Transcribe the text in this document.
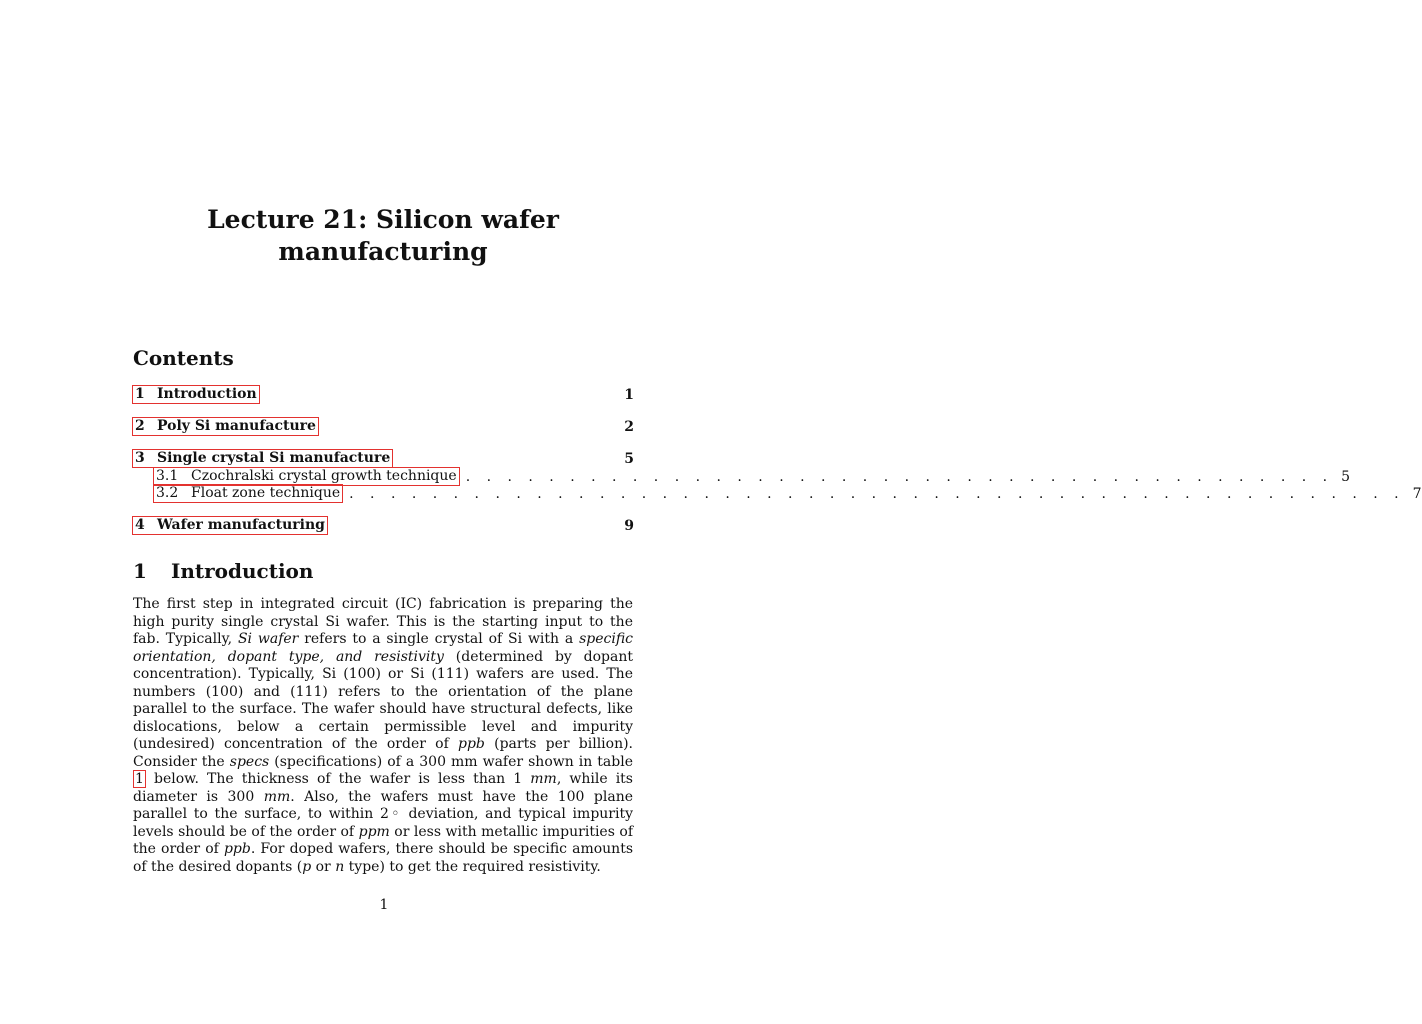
Lecture 21: Silicon wafer
manufacturing
Contents
1 Introduction	1
2 Poly Si manufacture	2
3 Single crystal Si manufacture	5
3.1 Czochralski crystal growth technique . . . . . . . . . . . . . . . . . . . . . . . . . . . . . . . . . . . . . . . . . . 5
3.2 Float zone technique . . . . . . . . . . . . . . . . . . . . . . . . . . . . . . . . . . . . . . . . . . . . . . . . . . . 7
4 Wafer manufacturing	9
1 Introduction

The first step in integrated circuit (IC) fabrication is preparing the high purity single crystal Si wafer. This is the starting input to the fab. Typically, Si wafer refers to a single crystal of Si with a specific orientation, dopant type, and resistivity (determined by dopant concentration). Typically, Si (100) or Si (111) wafers are used. The numbers (100) and (111) refers to the orientation of the plane parallel to the surface. The wafer should have structural defects, like dislocations, below a certain permissible level and impurity (undesired) concentration of the order of ppb (parts per billion). Consider the specs (specifications) of a 300 mm wafer shown in table 1 below. The thickness of the wafer is less than 1 mm, while its diameter is 300 mm. Also, the wafers must have the 100 plane parallel to the surface, to within 2◦ deviation, and typical impurity levels should be of the order of ppm or less with metallic impurities of the order of ppb. For doped wafers, there should be specific amounts of the desired dopants (p or n type) to get the required resistivity.

1
